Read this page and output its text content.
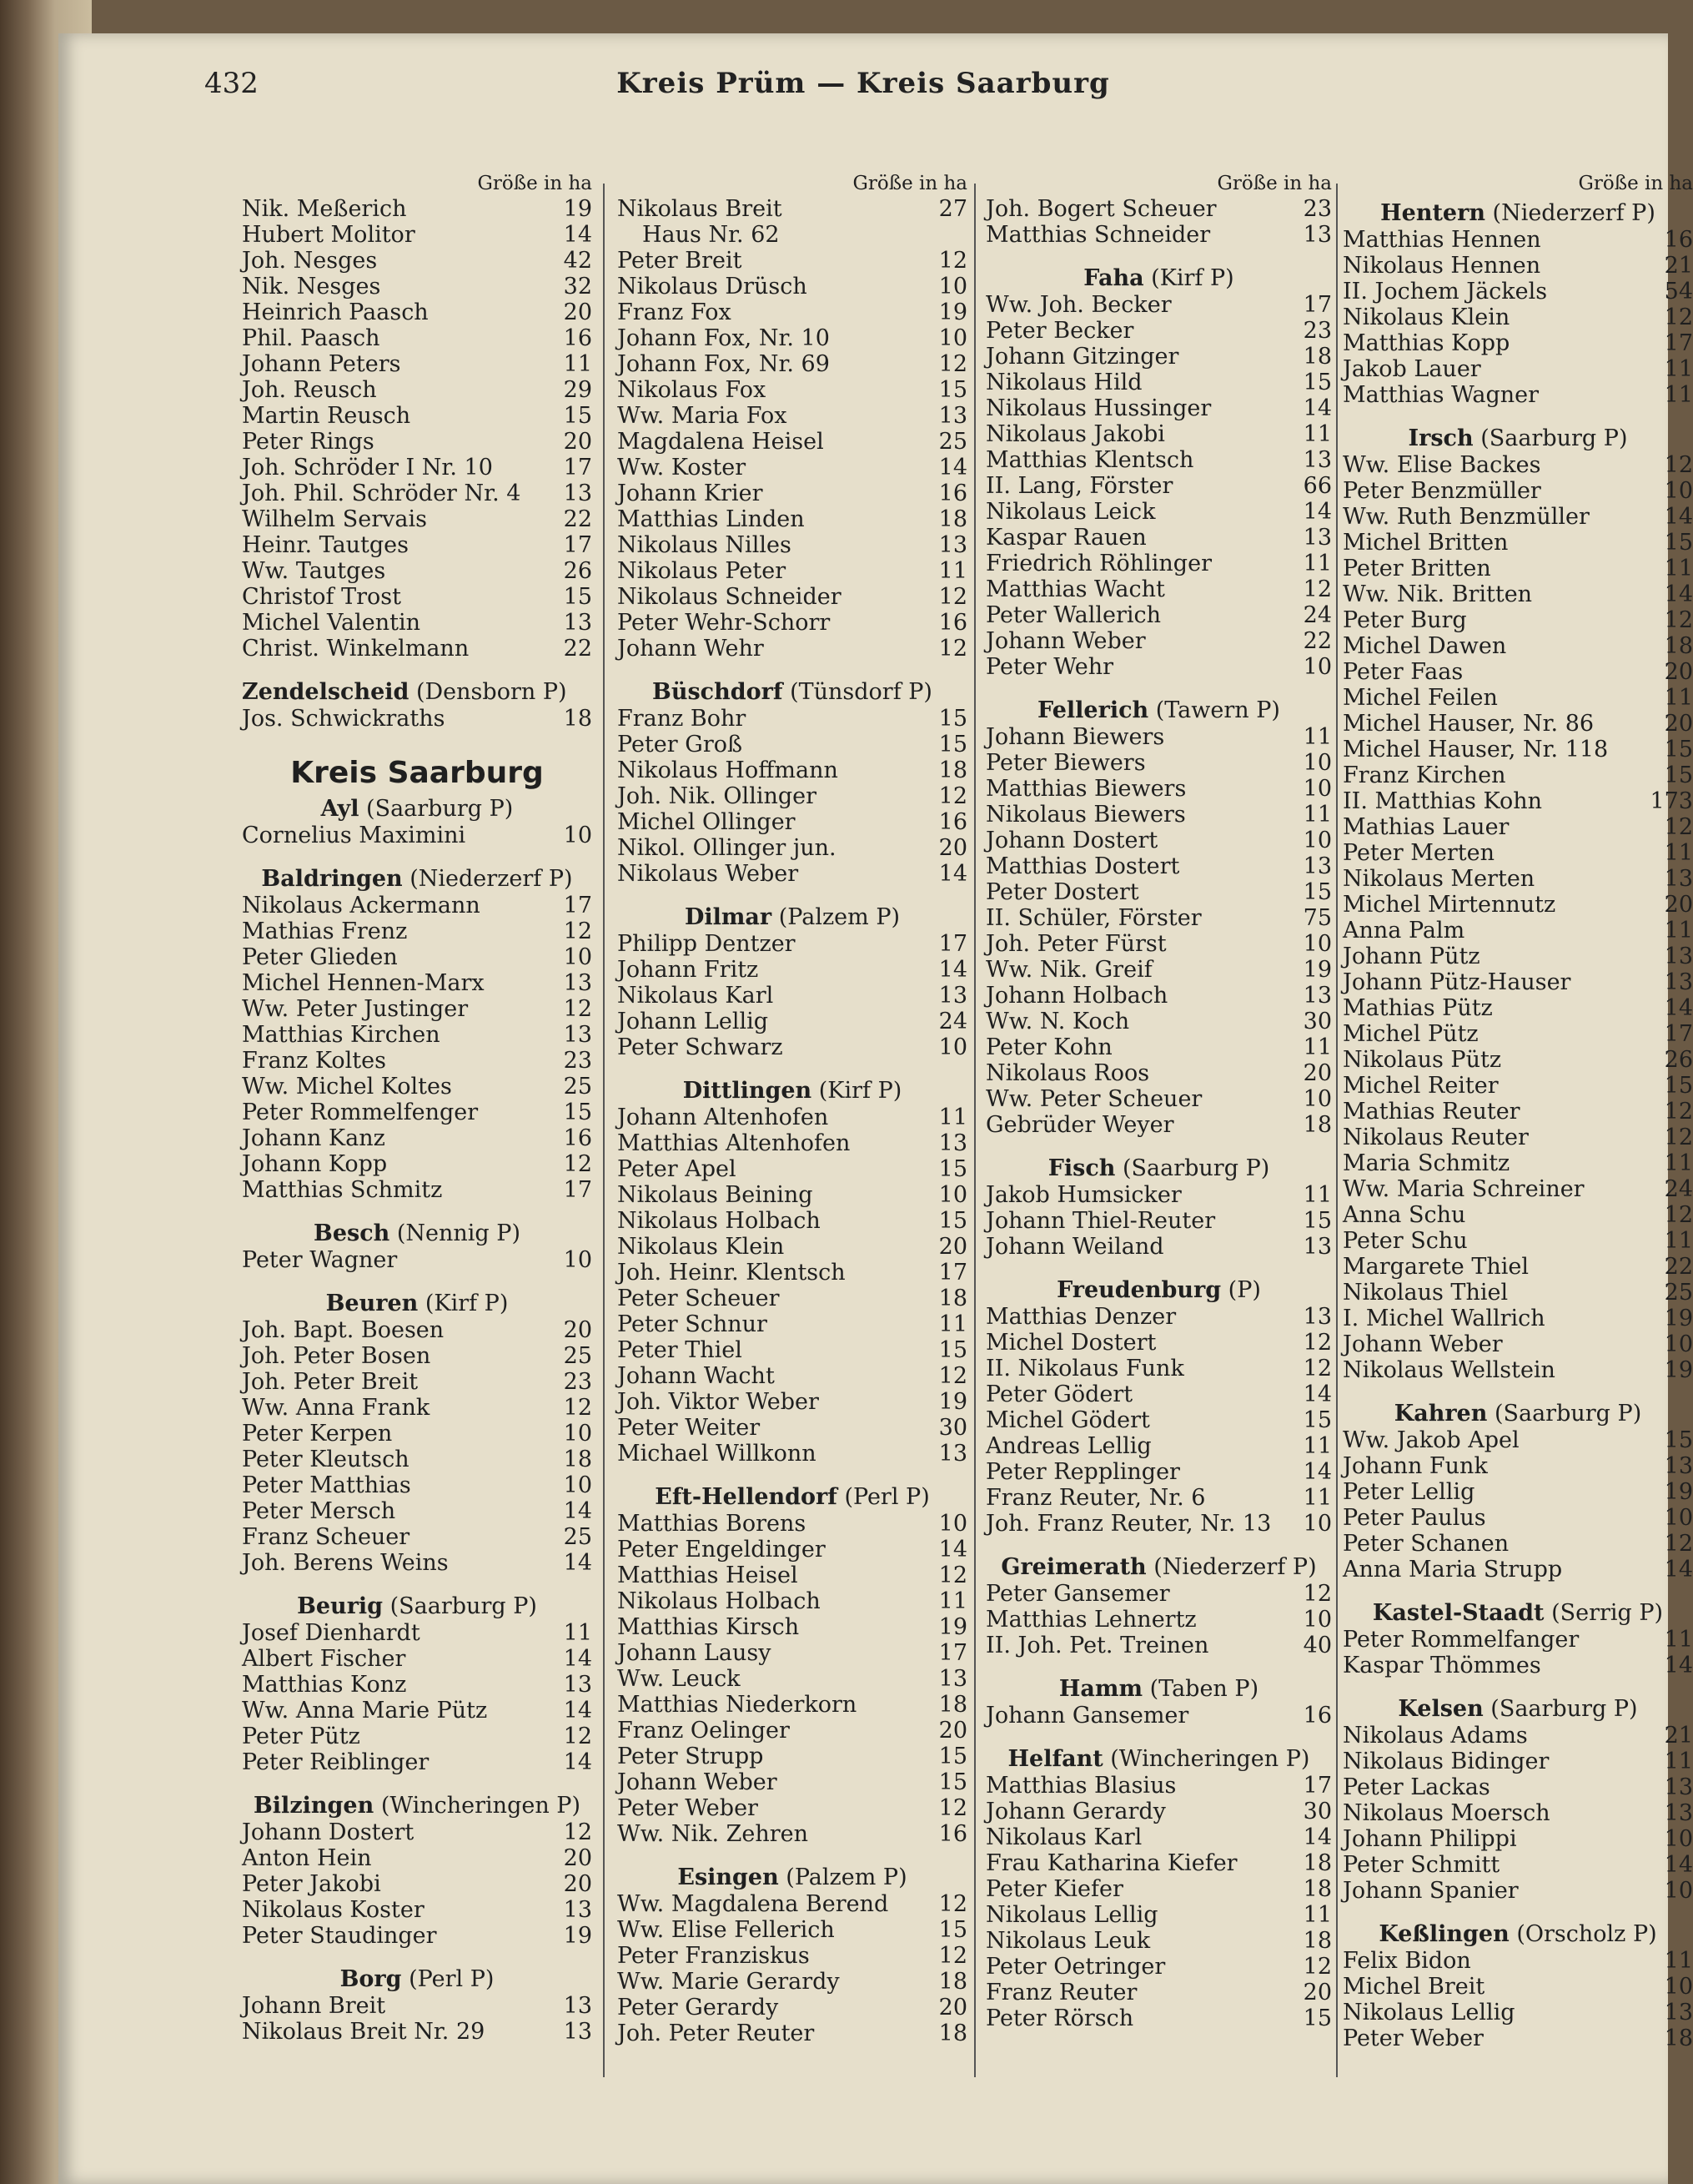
432	Kreis Prüm — Kreis Saarburg
Größe in ha
Nik. Meßerich	19
Hubert Molitor	14
Joh. Nesges	42
Nik. Nesges	32
Heinrich Paasch	20
Phil. Paasch	16
Johann Peters	11
Joh. Reusch	29
Martin Reusch	15
Peter Rings	20
Joh. Schröder I Nr. 10	17
Joh. Phil. Schröder Nr. 4 13
Wilhelm Servais	22
Heinr. Tautges	17
Ww. Tautges	26
Christof Trost	15
Michel Valentin	13
Christ. Winkelmann	22
Zendelscheid (Densborn P)
Jos. Schwickraths	18
Kreis Saarburg
Ayl (Saarburg P)
Cornelius Maximini	10
Baldringen (Niederzerf P)
Nikolaus Ackermann	17
Mathias Frenz	12
Peter Glieden	10
Michel Hennen-Marx	13
Ww. Peter Justinger	12
Matthias Kirchen	13
Franz Koltes	23
Ww. Michel Koltes	25
Peter Rommelfenger	15
Johann Kanz	16
Johann Kopp	12
Matthias Schmitz	17
Besch (Nennig P)
Peter Wagner	10
Beuren (Kirf P)
Joh. Bapt. Boesen	20
Joh. Peter Bosen	25
Joh. Peter Breit	23
Ww. Anna Frank	12
Peter Kerpen	10
Peter Kleutsch	18
Peter Matthias	10
Peter Mersch	14
Franz Scheuer	25
Joh. Berens Weins	14
Beurig (Saarburg P)
Josef Dienhardt	11
Albert Fischer	14
Matthias Konz	13
Ww. Anna Marie Pütz	14
Peter Pütz	12
Peter Reiblinger	14
Bilzingen (Wincheringen P)
Johann Dostert	12
Anton Hein	20
Peter Jakobi	20
Nikolaus Koster	13
Peter Staudinger	19
Borg (Perl P)
Johann Breit	13
Nikolaus Breit Nr. 29	13
Größe in ha
Nikolaus Breit	27
Haus Nr. 62
Peter Breit	12
Nikolaus Drüsch	10
Franz Fox	19
Johann Fox, Nr. 10	10
Johann Fox, Nr. 69	12
Nikolaus Fox	15
Ww. Maria Fox	13
Magdalena Heisel	25
Ww. Koster	14
Johann Krier	16
Matthias Linden	18
Nikolaus Nilles	13
Nikolaus Peter	11
Nikolaus Schneider	12
Peter Wehr-Schorr	16
Johann Wehr	12
Büschdorf (Tünsdorf P)
Franz Bohr	15
Peter Groß	15
Nikolaus Hoffmann	18
Joh. Nik. Ollinger	12
Michel Ollinger	16
Nikol. Ollinger jun.	20
Nikolaus Weber	14
Dilmar (Palzem P)
Philipp Dentzer	17
Johann Fritz	14
Nikolaus Karl	13
Johann Lellig	24
Peter Schwarz	10
Dittlingen (Kirf P)
Johann Altenhofen	11
Matthias Altenhofen	13
Peter Apel	15
Nikolaus Beining	10
Nikolaus Holbach	15
Nikolaus Klein	20
Joh. Heinr. Klentsch	17
Peter Scheuer	18
Peter Schnur	11
Peter Thiel	15
Johann Wacht	12
Joh. Viktor Weber	19
Peter Weiter	30
Michael Willkonn	13
Eft-Hellendorf (Perl P)
Matthias Borens	10
Peter Engeldinger	14
Matthias Heisel	12
Nikolaus Holbach	11
Matthias Kirsch	19
Johann Lausy	17
Ww. Leuck	13
Matthias Niederkorn	18
Franz Oelinger	20
Peter Strupp	15
Johann Weber	15
Peter Weber	12
Ww. Nik. Zehren	16
Esingen (Palzem P)
Ww. Magdalena Berend 12
Ww. Elise Fellerich	15
Peter Franziskus	12
Ww. Marie Gerardy	18
Peter Gerardy	20
Joh. Peter Reuter	18
Größe in ha
Joh. Bogert Scheuer	23
Matthias Schneider	13
Faha (Kirf P)
Ww. Joh. Becker	17
Peter Becker	23
Johann Gitzinger	18
Nikolaus Hild	15
Nikolaus Hussinger	14
Nikolaus Jakobi	11
Matthias Klentsch	13
II. Lang, Förster	66
Nikolaus Leick	14
Kaspar Rauen	13
Friedrich Röhlinger	11
Matthias Wacht	12
Peter Wallerich	24
Johann Weber	22
Peter Wehr	10
Fellerich (Tawern P)
Johann Biewers	11
Peter Biewers	10
Matthias Biewers	10
Nikolaus Biewers	11
Johann Dostert	10
Matthias Dostert	13
Peter Dostert	15
II. Schüler, Förster	75
Joh. Peter Fürst	10
Ww. Nik. Greif	19
Johann Holbach	13
Ww. N. Koch	30
Peter Kohn	11
Nikolaus Roos	20
Ww. Peter Scheuer	10
Gebrüder Weyer	18
Fisch (Saarburg P)
Jakob Humsicker	11
Johann Thiel-Reuter	15
Johann Weiland	13
Freudenburg (P)
Matthias Denzer	13
Michel Dostert	12
II. Nikolaus Funk	12
Peter Gödert	14
Michel Gödert	15
Andreas Lellig	11
Peter Repplinger	14
Franz Reuter, Nr. 6	11
Joh. Franz Reuter, Nr. 13 10
Greimerath (Niederzerf P)
Peter Gansemer	12
Matthias Lehnertz	10
II. Joh. Pet. Treinen	40
Hamm (Taben P)
Johann Gansemer	16
Helfant (Wincheringen P)
Matthias Blasius	17
Johann Gerardy	30
Nikolaus Karl	14
Frau Katharina Kiefer	18
Peter Kiefer	18
Nikolaus Lellig	11
Nikolaus Leuk	18
Peter Oetringer	12
Franz Reuter	20
Peter Rörsch	15
Größe in ha
Hentern (Niederzerf P)
Matthias Hennen	16
Nikolaus Hennen	21
II. Jochem Jäckels	54
Nikolaus Klein	12
Matthias Kopp	17
Jakob Lauer	11
Matthias Wagner	11
Irsch (Saarburg P)
Ww. Elise Backes	12
Peter Benzmüller	10
Ww. Ruth Benzmüller	14
Michel Britten	15
Peter Britten	11
Ww. Nik. Britten	14
Peter Burg	12
Michel Dawen	18
Peter Faas	20
Michel Feilen	11
Michel Hauser, Nr. 86	20
Michel Hauser, Nr. 118 15
Franz Kirchen	15
II. Matthias Kohn	173
Mathias Lauer	12
Peter Merten	11
Nikolaus Merten	13
Michel Mirtennutz	20
Anna Palm	11
Johann Pütz	13
Johann Pütz-Hauser	13
Mathias Pütz	14
Michel Pütz	17
Nikolaus Pütz	26
Michel Reiter	15
Mathias Reuter	12
Nikolaus Reuter	12
Maria Schmitz	11
Ww. Maria Schreiner	24
Anna Schu	12
Peter Schu	11
Margarete Thiel	22
Nikolaus Thiel	25
I. Michel Wallrich	19
Johann Weber	10
Nikolaus Wellstein	19
Kahren (Saarburg P)
Ww. Jakob Apel	15
Johann Funk	13
Peter Lellig	19
Peter Paulus	10
Peter Schanen	12
Anna Maria Strupp	14
Kastel-Staadt (Serrig P)
Peter Rommelfanger	11
Kaspar Thömmes	14
Kelsen (Saarburg P)
Nikolaus Adams	21
Nikolaus Bidinger	11
Peter Lackas	13
Nikolaus Moersch	13
Johann Philippi	10
Peter Schmitt	14
Johann Spanier	10
Keßlingen (Orscholz P)
Felix Bidon	11
Michel Breit	10
Nikolaus Lellig	13
Peter Weber	18
